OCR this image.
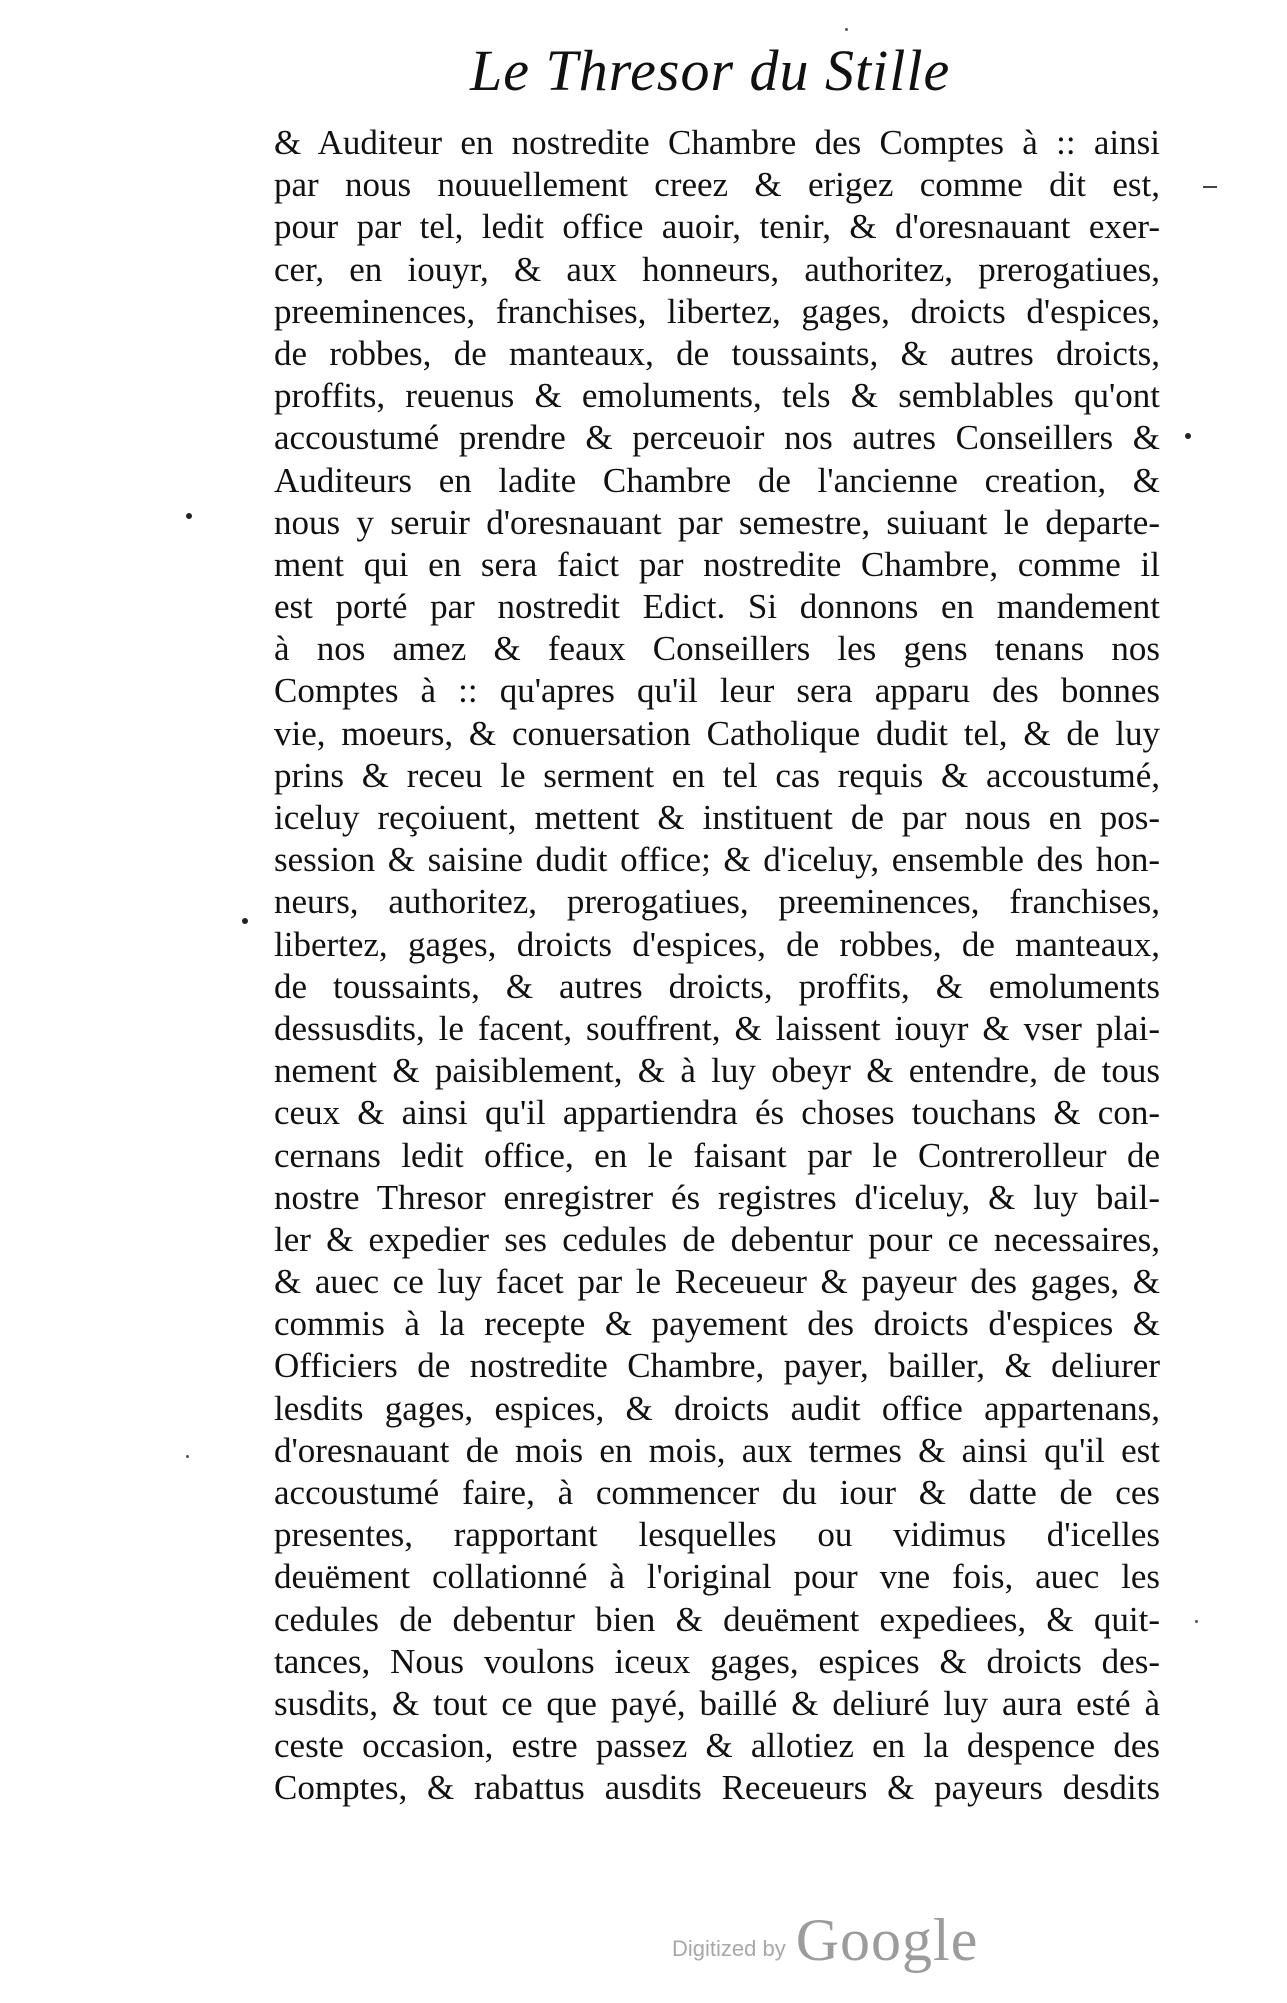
Le Thresor du Stille
& Auditeur en nostredite Chambre des Comptes à :: ainsi
par nous nouuellement creez & erigez comme dit est,
pour par tel, ledit office auoir, tenir, & d'oresnauant exer-
cer, en iouyr, & aux honneurs, authoritez, prerogatiues,
preeminences, franchises, libertez, gages, droicts d'espices,
de robbes, de manteaux, de toussaints, & autres droicts,
proffits, reuenus & emoluments, tels & semblables qu'ont
accoustumé prendre & perceuoir nos autres Conseillers &
Auditeurs en ladite Chambre de l'ancienne creation, &
nous y seruir d'oresnauant par semestre, suiuant le departe-
ment qui en sera faict par nostredite Chambre, comme il
est porté par nostredit Edict. Si donnons en mandement
à nos amez & feaux Conseillers les gens tenans nos
Comptes à :: qu'apres qu'il leur sera apparu des bonnes
vie, moeurs, & conuersation Catholique dudit tel, & de luy
prins & receu le serment en tel cas requis & accoustumé,
iceluy reçoiuent, mettent & instituent de par nous en pos-
session & saisine dudit office; & d'iceluy, ensemble des hon-
neurs, authoritez, prerogatiues, preeminences, franchises,
libertez, gages, droicts d'espices, de robbes, de manteaux,
de toussaints, & autres droicts, proffits, & emoluments
dessusdits, le facent, souffrent, & laissent iouyr & vser plai-
nement & paisiblement, & à luy obeyr & entendre, de tous
ceux & ainsi qu'il appartiendra és choses touchans & con-
cernans ledit office, en le faisant par le Contrerolleur de
nostre Thresor enregistrer és registres d'iceluy, & luy bail-
ler & expedier ses cedules de debentur pour ce necessaires,
& auec ce luy facet par le Receueur & payeur des gages, &
commis à la recepte & payement des droicts d'espices &
Officiers de nostredite Chambre, payer, bailler, & deliurer
lesdits gages, espices, & droicts audit office appartenans,
d'oresnauant de mois en mois, aux termes & ainsi qu'il est
accoustumé faire, à commencer du iour & datte de ces
presentes, rapportant lesquelles ou vidimus d'icelles
deuëment collationné à l'original pour vne fois, auec les
cedules de debentur bien & deuëment expediees, & quit-
tances, Nous voulons iceux gages, espices & droicts des-
susdits, & tout ce que payé, baillé & deliuré luy aura esté à
ceste occasion, estre passez & allotiez en la despence des
Comptes, & rabattus ausdits Receueurs & payeurs desdits
Digitized by Google
